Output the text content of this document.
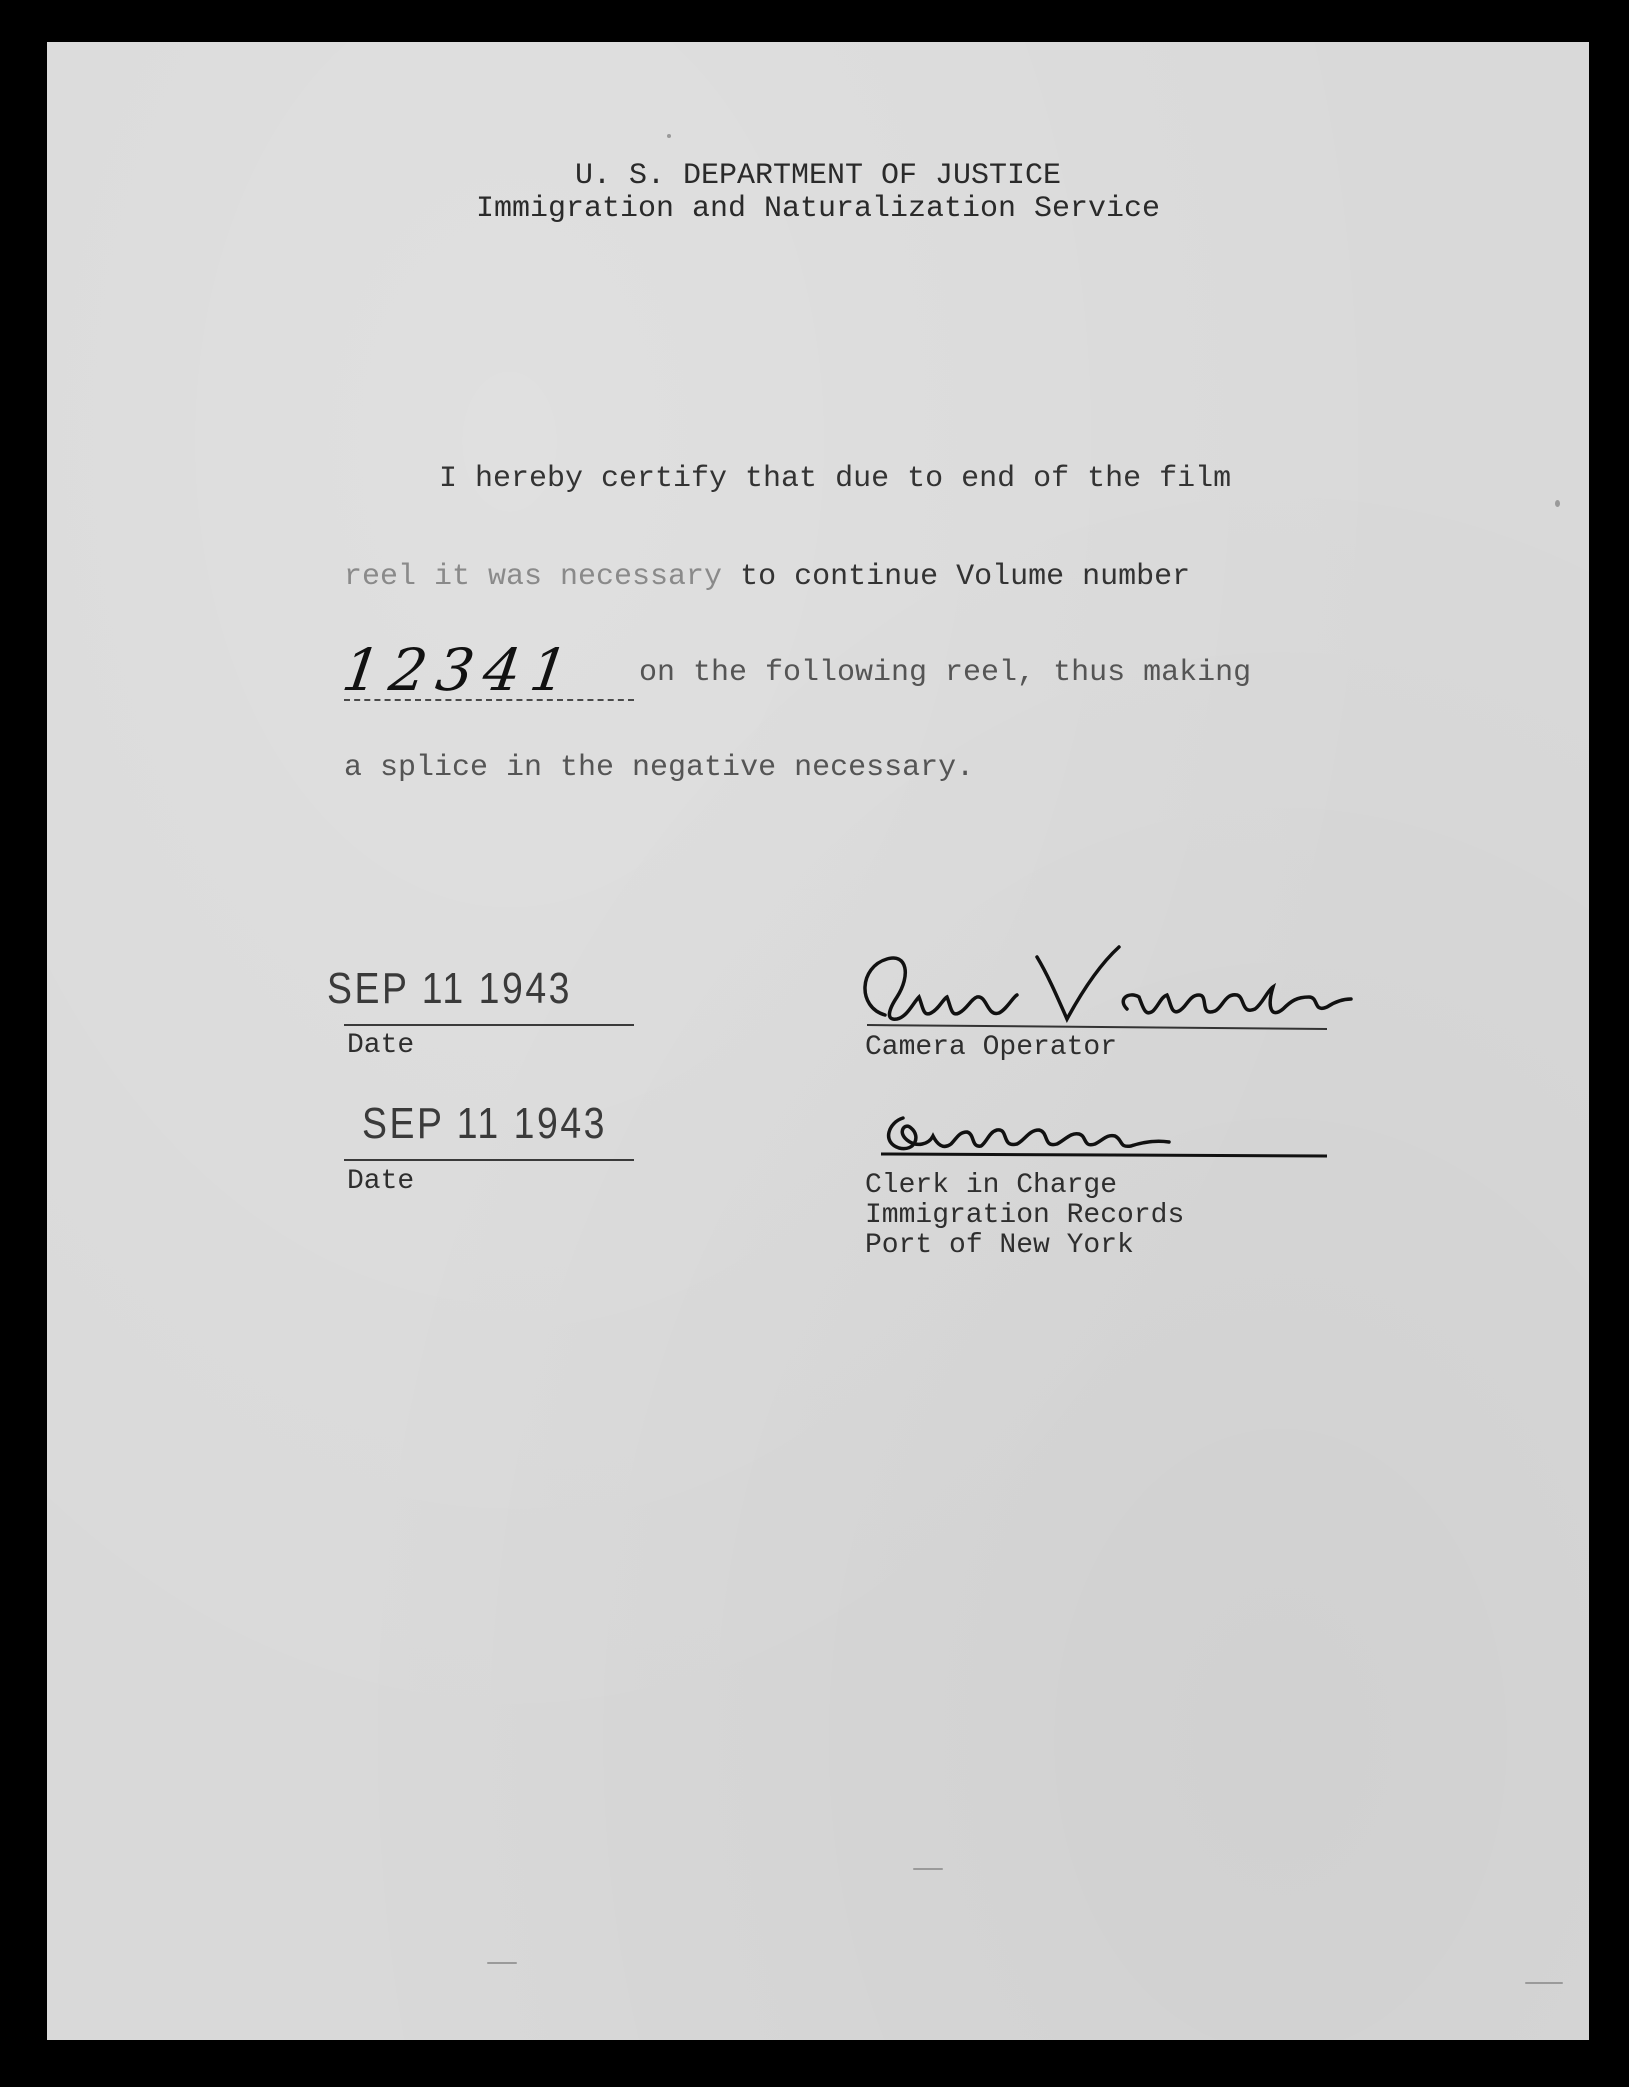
U. S. DEPARTMENT OF JUSTICE
Immigration and Naturalization Service
I hereby certify that due to end of the film
reel it was necessary to continue Volume number
12341 on the following reel, thus making
a splice in the negative necessary.
SEP 11 1943
Date
SEP 11 1943
Date
Camera Operator
Clerk in Charge
Immigration Records
Port of New York
